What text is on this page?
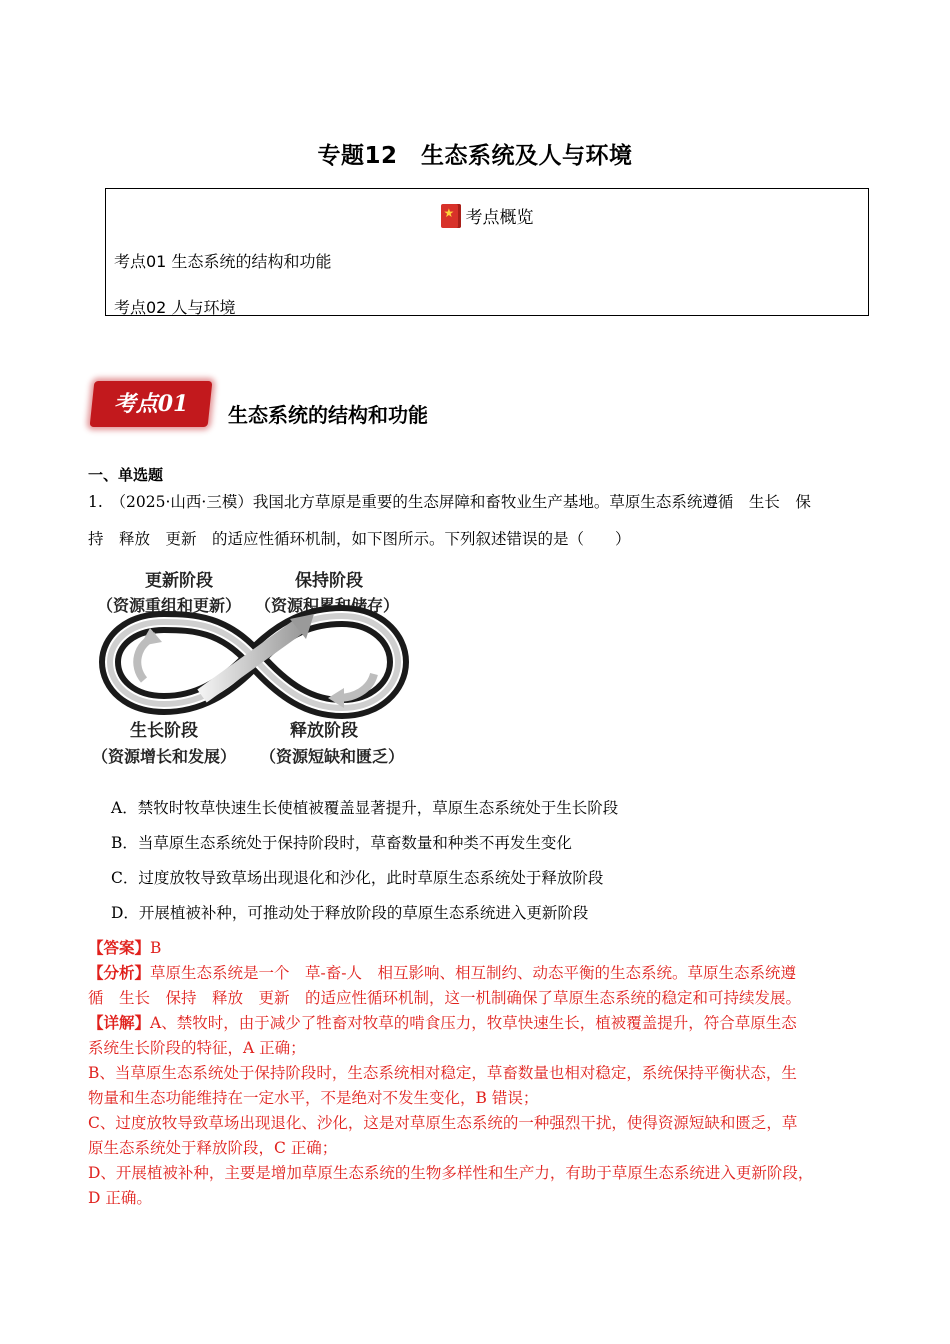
专题12　生态系统及人与环境
★考点概览
考点01 生态系统的结构和功能
考点02 人与环境
考点01	生态系统的结构和功能
一、单选题
1.　（2025·山西·三模）我国北方草原是重要的生态屏障和畜牧业生产基地。草原生态系统遵循　生长　保
持　释放　更新　的适应性循环机制，如下图所示。下列叙述错误的是（　　）
更新阶段
（资源重组和更新）
保持阶段
（资源积累和储存）
生长阶段
（资源增长和发展）
释放阶段
（资源短缺和匮乏）
A．禁牧时牧草快速生长使植被覆盖显著提升，草原生态系统处于生长阶段
B．当草原生态系统处于保持阶段时，草畜数量和种类不再发生变化
C．过度放牧导致草场出现退化和沙化，此时草原生态系统处于释放阶段
D．开展植被补种，可推动处于释放阶段的草原生态系统进入更新阶段
【答案】B
【分析】草原生态系统是一个　草-畜-人　相互影响、相互制约、动态平衡的生态系统。草原生态系统遵
循　生长　保持　释放　更新　的适应性循环机制，这一机制确保了草原生态系统的稳定和可持续发展。
【详解】A、禁牧时，由于减少了牲畜对牧草的啃食压力，牧草快速生长，植被覆盖提升，符合草原生态
系统生长阶段的特征，A 正确；
B、当草原生态系统处于保持阶段时，生态系统相对稳定，草畜数量也相对稳定，系统保持平衡状态，生
物量和生态功能维持在一定水平，不是绝对不发生变化，B 错误；
C、过度放牧导致草场出现退化、沙化，这是对草原生态系统的一种强烈干扰，使得资源短缺和匮乏，草
原生态系统处于释放阶段，C 正确；
D、开展植被补种，主要是增加草原生态系统的生物多样性和生产力，有助于草原生态系统进入更新阶段，
D 正确。
